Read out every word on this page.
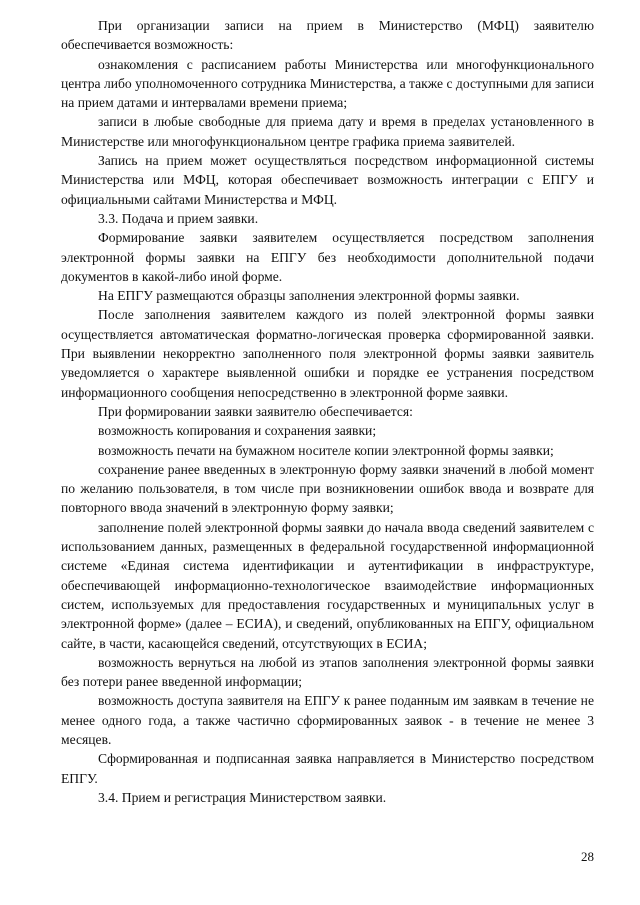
При организации записи на прием в Министерство (МФЦ) заявителю обеспечивается возможность:

ознакомления с расписанием работы Министерства или многофункционального центра либо уполномоченного сотрудника Министерства, а также с доступными для записи на прием датами и интервалами времени приема;

записи в любые свободные для приема дату и время в пределах установленного в Министерстве или многофункциональном центре графика приема заявителей.

Запись на прием может осуществляться посредством информационной системы Министерства или МФЦ, которая обеспечивает возможность интеграции с ЕПГУ и официальными сайтами Министерства и МФЦ.

3.3. Подача и прием заявки.

Формирование заявки заявителем осуществляется посредством заполнения электронной формы заявки на ЕПГУ без необходимости дополнительной подачи документов в какой-либо иной форме.

На ЕПГУ размещаются образцы заполнения электронной формы заявки.

После заполнения заявителем каждого из полей электронной формы заявки осуществляется автоматическая форматно-логическая проверка сформированной заявки. При выявлении некорректно заполненного поля электронной формы заявки заявитель уведомляется о характере выявленной ошибки и порядке ее устранения посредством информационного сообщения непосредственно в электронной форме заявки.

При формировании заявки заявителю обеспечивается:

возможность копирования и сохранения заявки;

возможность печати на бумажном носителе копии электронной формы заявки;

сохранение ранее введенных в электронную форму заявки значений в любой момент по желанию пользователя, в том числе при возникновении ошибок ввода и возврате для повторного ввода значений в электронную форму заявки;

заполнение полей электронной формы заявки до начала ввода сведений заявителем с использованием данных, размещенных в федеральной государственной информационной системе «Единая система идентификации и аутентификации в инфраструктуре, обеспечивающей информационно-технологическое взаимодействие информационных систем, используемых для предоставления государственных и муниципальных услуг в электронной форме» (далее – ЕСИА), и сведений, опубликованных на ЕПГУ, официальном сайте, в части, касающейся сведений, отсутствующих в ЕСИА;

возможность вернуться на любой из этапов заполнения электронной формы заявки без потери ранее введенной информации;

возможность доступа заявителя на ЕПГУ к ранее поданным им заявкам в течение не менее одного года, а также частично сформированных заявок - в течение не менее 3 месяцев.

Сформированная и подписанная заявка направляется в Министерство посредством ЕПГУ.

3.4. Прием и регистрация Министерством заявки.

28
